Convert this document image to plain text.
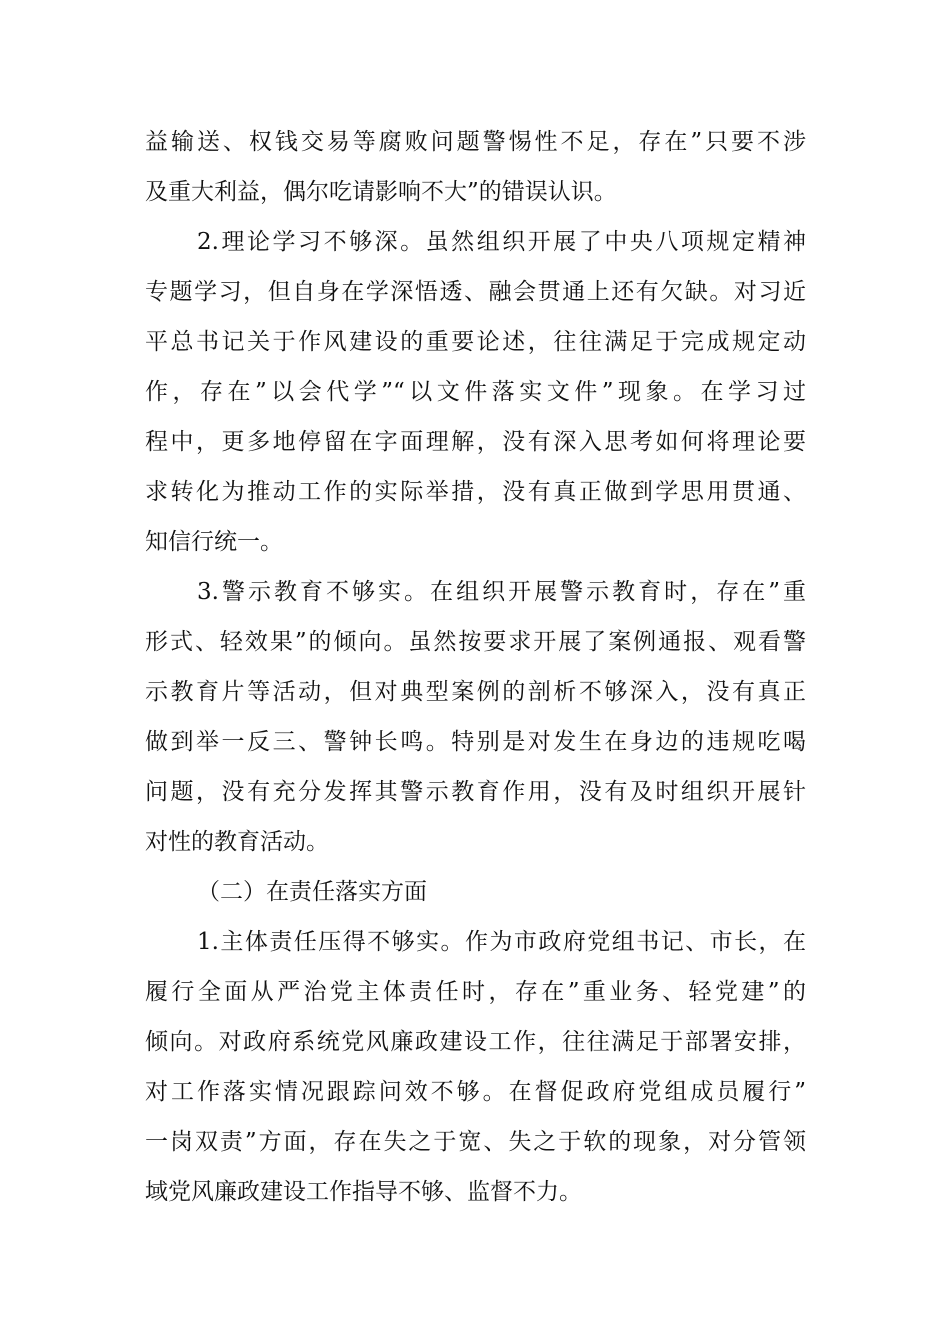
益输送、权钱交易等腐败问题警惕性不足，存在”只要不涉
及重大利益，偶尔吃请影响不大”的错误认识。
2.理论学习不够深。虽然组织开展了中央八项规定精神
专题学习，但自身在学深悟透、融会贯通上还有欠缺。对习近
平总书记关于作风建设的重要论述，往往满足于完成规定动
作，存在”以会代学”“以文件落实文件”现象。在学习过
程中，更多地停留在字面理解，没有深入思考如何将理论要
求转化为推动工作的实际举措，没有真正做到学思用贯通、
知信行统一。
3.警示教育不够实。在组织开展警示教育时，存在”重
形式、轻效果”的倾向。虽然按要求开展了案例通报、观看警
示教育片等活动，但对典型案例的剖析不够深入，没有真正
做到举一反三、警钟长鸣。特别是对发生在身边的违规吃喝
问题，没有充分发挥其警示教育作用，没有及时组织开展针
对性的教育活动。
（二）在责任落实方面
1.主体责任压得不够实。作为市政府党组书记、市长，在
履行全面从严治党主体责任时，存在”重业务、轻党建”的
倾向。对政府系统党风廉政建设工作，往往满足于部署安排，
对工作落实情况跟踪问效不够。在督促政府党组成员履行”
一岗双责”方面，存在失之于宽、失之于软的现象，对分管领
域党风廉政建设工作指导不够、监督不力。
